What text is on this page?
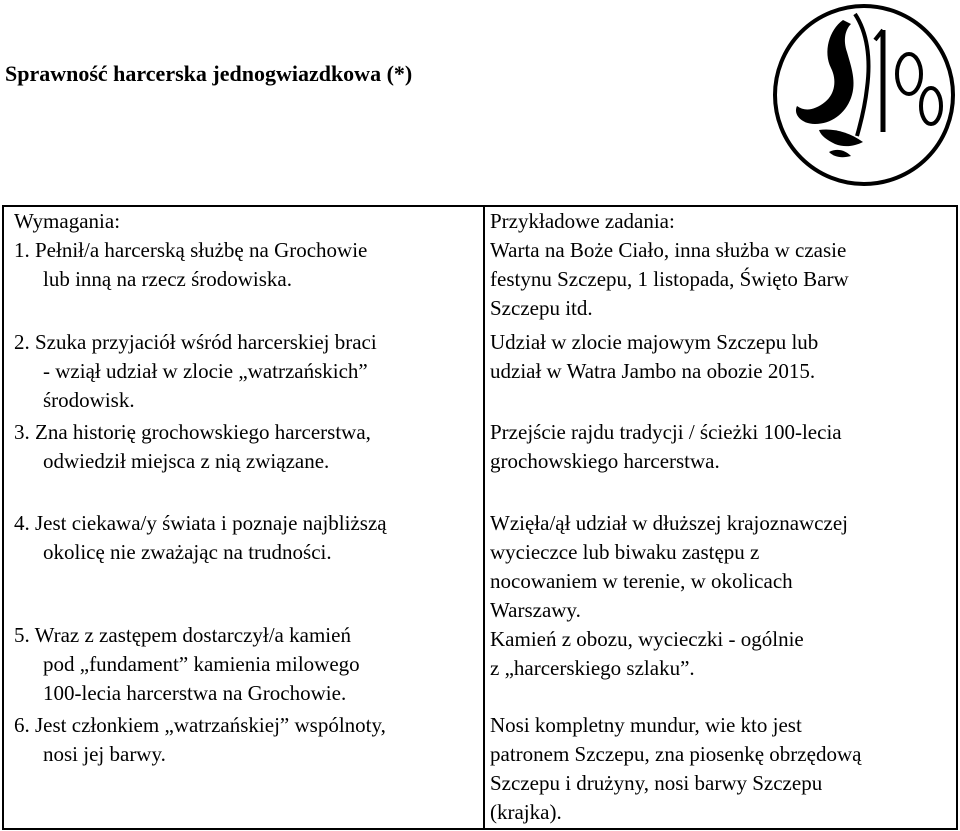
Sprawność harcerska jednogwiazdkowa (*)
Wymagania:
1. Pełnił/a harcerską służbę na Grochowie
lub inną na rzecz środowiska.
2. Szuka przyjaciół wśród harcerskiej braci
- wziął udział w zlocie „watrzańskich”
środowisk.
3. Zna historię grochowskiego harcerstwa,
odwiedził miejsca z nią związane.
4. Jest ciekawa/y świata i poznaje najbliższą
okolicę nie zważając na trudności.
5. Wraz z zastępem dostarczył/a kamień
pod „fundament” kamienia milowego
100-lecia harcerstwa na Grochowie.
6. Jest członkiem „watrzańskiej” wspólnoty,
nosi jej barwy.
Przykładowe zadania:
Warta na Boże Ciało, inna służba w czasie
festynu Szczepu, 1 listopada, Święto Barw
Szczepu itd.
Udział w zlocie majowym Szczepu lub
udział w Watra Jambo na obozie 2015.
Przejście rajdu tradycji / ścieżki 100-lecia
grochowskiego harcerstwa.
Wzięła/ął udział w dłuższej krajoznawczej
wycieczce lub biwaku zastępu z
nocowaniem w terenie, w okolicach
Warszawy.
Kamień z obozu, wycieczki - ogólnie
z „harcerskiego szlaku”.
Nosi kompletny mundur, wie kto jest
patronem Szczepu, zna piosenkę obrzędową
Szczepu i drużyny, nosi barwy Szczepu
(krajka).
